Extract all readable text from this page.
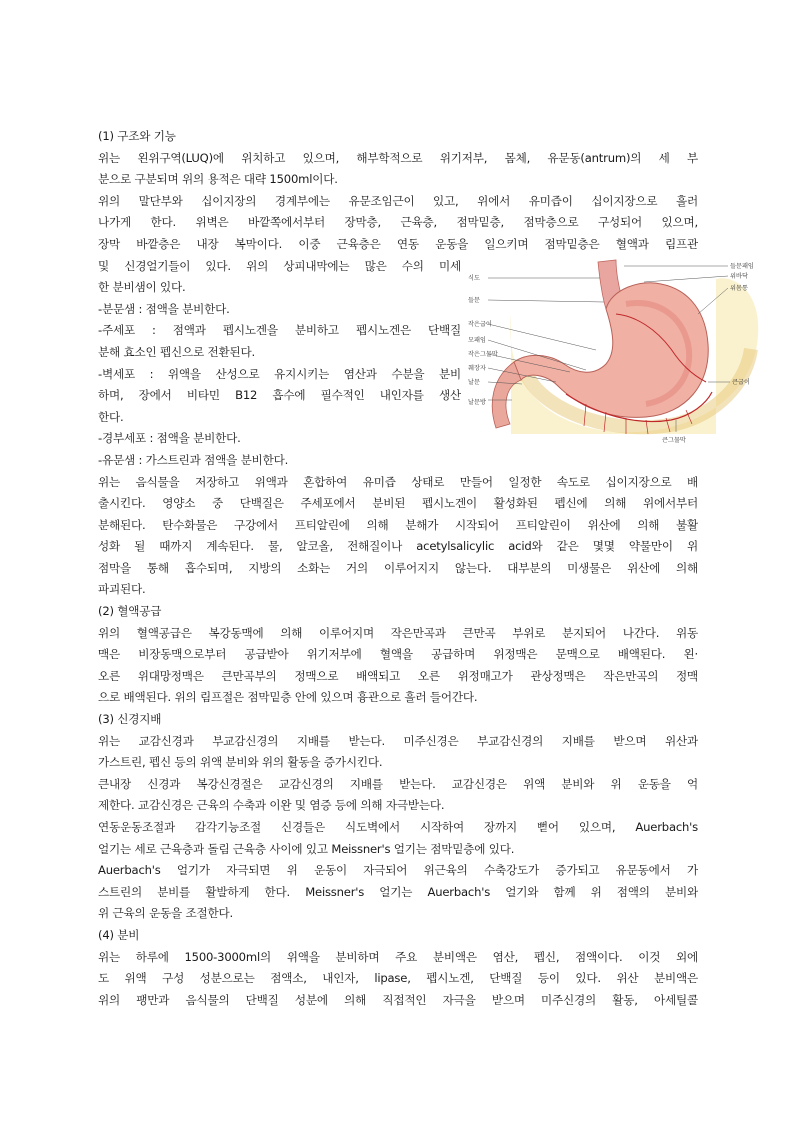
(1) 구조와 기능
위는 왼위구역(LUQ)에 위치하고 있으며, 해부학적으로 위기저부, 몸체, 유문동(antrum)의 세 부
분으로 구분되며 위의 용적은 대략 1500ml이다.
위의 말단부와 십이지장의 경계부에는 유문조임근이 있고, 위에서 유미즙이 십이지장으로 흘러
나가게 한다. 위벽은 바깥쪽에서부터 장막층, 근육층, 점막밑층, 점막층으로 구성되어 있으며,
장막 바깥층은 내장 복막이다. 이중 근육층은 연동 운동을 일으키며 점막밑층은 혈액과 림프관
및 신경얼기들이 있다. 위의 상피내막에는 많은 수의 미세
한 분비샘이 있다.
-분문샘 : 점액을 분비한다.
-주세포 : 점액과 펩시노겐을 분비하고 펩시노겐은 단백질
분해 효소인 펩신으로 전환된다.
-벽세포 : 위액을 산성으로 유지시키는 염산과 수분을 분비
하며, 장에서 비타민 B12 흡수에 필수적인 내인자를 생산
한다.
-경부세포 : 점액을 분비한다.
-유문샘 : 가스트린과 점액을 분비한다.
위는 음식물을 저장하고 위액과 혼합하여 유미즙 상태로 만들어 일정한 속도로 십이지장으로 배
출시킨다. 영양소 중 단백질은 주세포에서 분비된 펩시노겐이 활성화된 펩신에 의해 위에서부터
분해된다. 탄수화물은 구강에서 프티알린에 의해 분해가 시작되어 프티알린이 위산에 의해 불활
성화 될 때까지 계속된다. 물, 알코올, 전해질이나 acetylsalicylic acid와 같은 몇몇 약물만이 위
점막을 통해 흡수되며, 지방의 소화는 거의 이루어지지 않는다. 대부분의 미생물은 위산에 의해
파괴된다.
(2) 혈액공급
위의 혈액공급은 복강동맥에 의해 이루어지며 작은만곡과 큰만곡 부위로 분지되어 나간다. 위동
맥은 비장동맥으로부터 공급받아 위기저부에 혈액을 공급하며 위정맥은 문맥으로 배액된다. 왼·
오른 위대망정맥은 큰만곡부의 정맥으로 배액되고 오른 위정매고가 관상정맥은 작은만곡의 정맥
으로 배액된다. 위의 림프절은 점막밑층 안에 있으며 흉관으로 흘러 들어간다.
(3) 신경지배
위는 교감신경과 부교감신경의 지배를 받는다. 미주신경은 부교감신경의 지배를 받으며 위산과
가스트린, 펩신 등의 위액 분비와 위의 활동을 증가시킨다.
큰내장 신경과 복강신경절은 교감신경의 지배를 받는다. 교감신경은 위액 분비와 위 운동을 억
제한다. 교감신경은 근육의 수축과 이완 및 염증 등에 의해 자극받는다.
연동운동조절과 감각기능조절 신경들은 식도벽에서 시작하여 장까지 뻗어 있으며, Auerbach's
얼기는 세로 근육층과 돌림 근육층 사이에 있고 Meissner's 얼기는 점막밑층에 있다.
Auerbach's 얼기가 자극되면 위 운동이 자극되어 위근육의 수축강도가 증가되고 유문동에서 가
스트린의 분비를 활발하게 한다. Meissner's 얼기는 Auerbach's 얼기와 함께 위 점액의 분비와
위 근육의 운동을 조절한다.
(4) 분비
위는 하루에 1500-3000ml의 위액을 분비하며 주요 분비액은 염산, 펩신, 점액이다. 이것 외에
도 위액 구성 성분으로는 점액소, 내인자, lipase, 펩시노겐, 단백질 등이 있다. 위산 분비액은
위의 팽만과 음식물의 단백질 성분에 의해 직접적인 자극을 받으며 미주신경의 활동, 아세틸콜
식도
들문
작은굽이
모패임
작은그물막
췌장자
날문
날문방
들문패임
위바닥
위몸통
큰굽이
큰그물막
